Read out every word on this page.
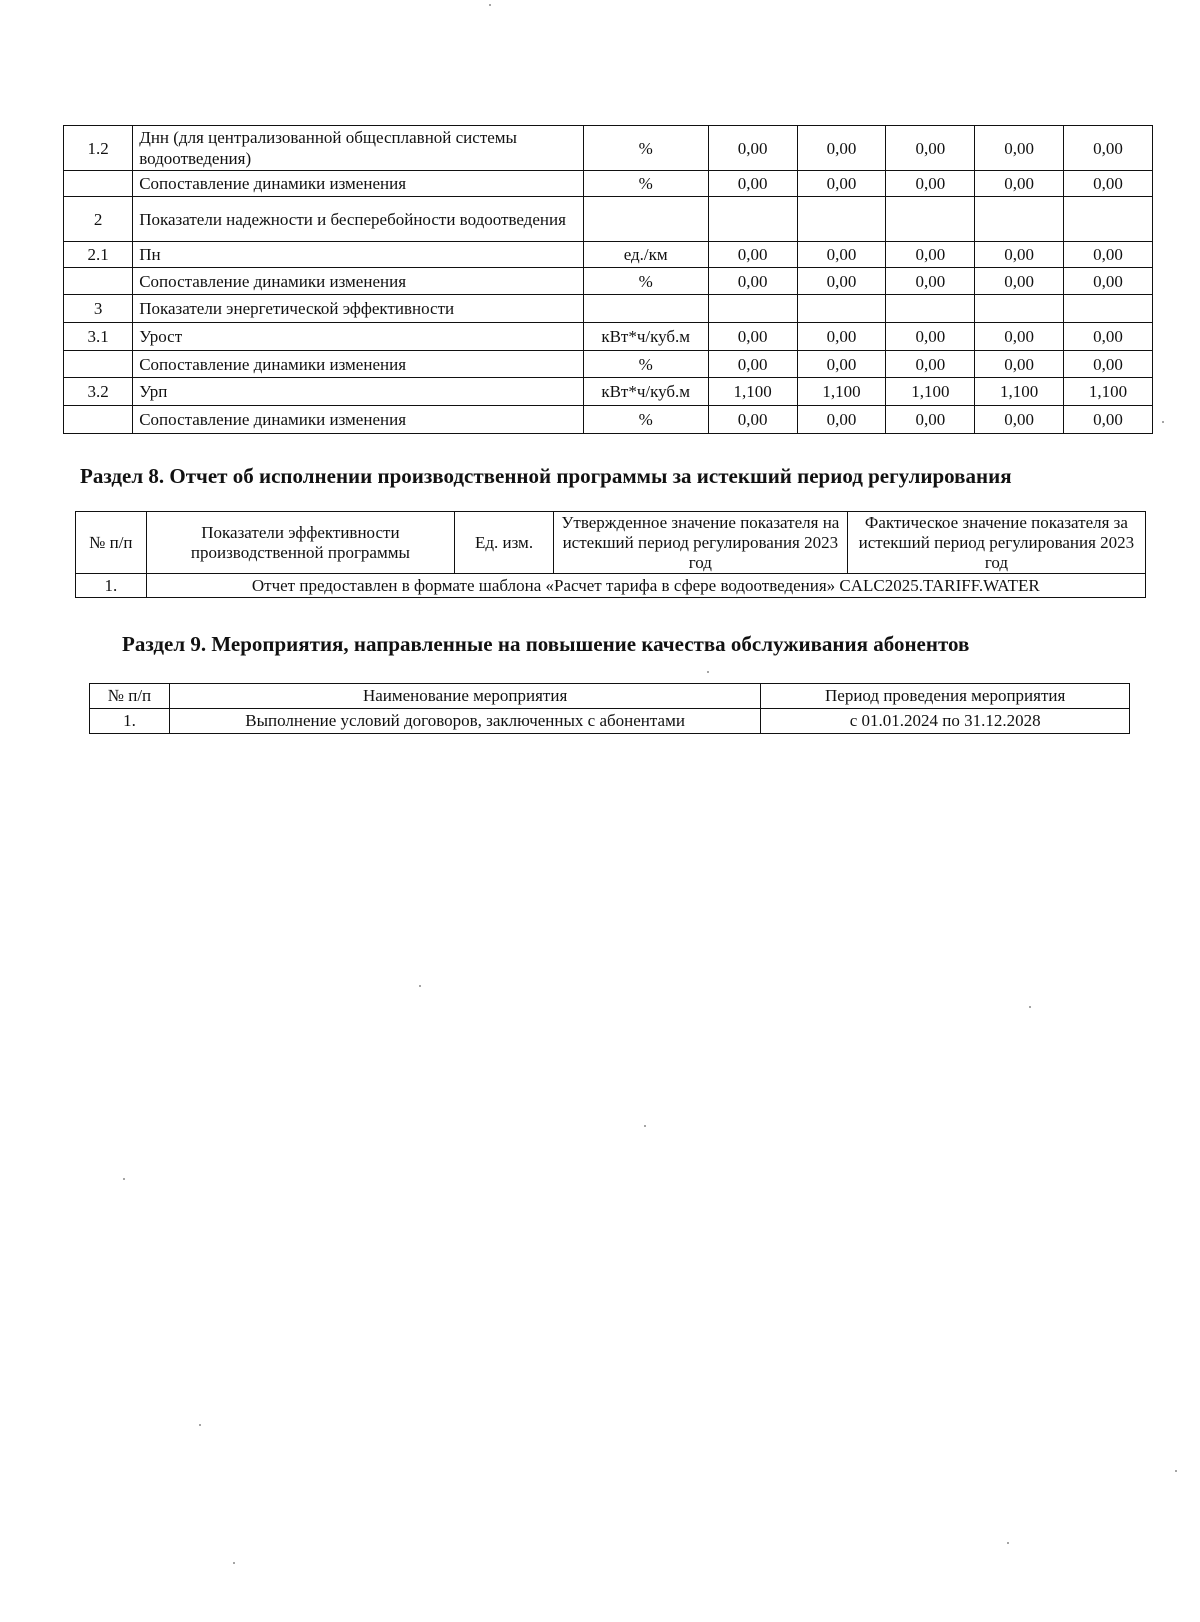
1.2	Днн (для централизованной общесплавной системы водоотведения)	%	0,00	0,00	0,00	0,00	0,00
	Сопоставление динамики изменения	%	0,00	0,00	0,00	0,00	0,00
2	Показатели надежности и бесперебойности водоотведения						
2.1	Пн	ед./км	0,00	0,00	0,00	0,00	0,00
	Сопоставление динамики изменения	%	0,00	0,00	0,00	0,00	0,00
3	Показатели энергетической эффективности						
3.1	Урост	кВт*ч/куб.м	0,00	0,00	0,00	0,00	0,00
	Сопоставление динамики изменения	%	0,00	0,00	0,00	0,00	0,00
3.2	Урп	кВт*ч/куб.м	1,100	1,100	1,100	1,100	1,100
	Сопоставление динамики изменения	%	0,00	0,00	0,00	0,00	0,00
Раздел 8. Отчет об исполнении производственной программы за истекший период регулирования
№ п/п	Показатели эффективности производственной программы	Ед. изм.	Утвержденное значение показателя на истекший период регулирования 2023 год	Фактическое значение показателя за истекший период регулирования 2023 год
1.	Отчет предоставлен в формате шаблона «Расчет тарифа в сфере водоотведения» CALC2025.TARIFF.WATER			
Раздел 9. Мероприятия, направленные на повышение качества обслуживания абонентов
№ п/п	Наименование мероприятия	Период проведения мероприятия
1.	Выполнение условий договоров, заключенных с абонентами	с 01.01.2024 по 31.12.2028
